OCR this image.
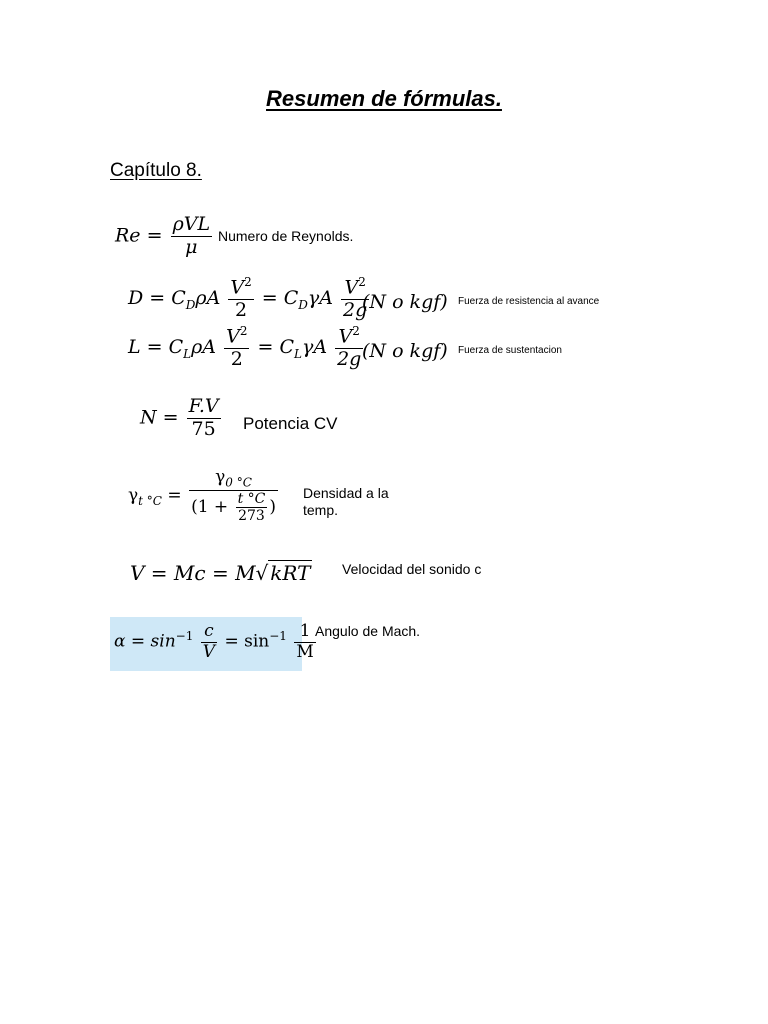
Resumen de fórmulas.
Capítulo 8.
$Re = \frac{\text{ρVL}}{\mu}$ Numero de Reynolds.
$D = C_D\rho A \frac{V^2}{2} = C_D\gamma A \frac{V^2}{2g}$
(N o kgf) Fuerza de resistencia al avance
$L = C_L\rho A \frac{V^2}{2} = C_L\gamma A \frac{V^2}{2g}$
(N o kgf) Fuerza de sustentacion
$N = \frac{F.V}{75}$ Potencia CV
$\gamma_{t ^\circ C} = \frac{\gamma_{0 ^\circ C}}{(1 + \frac{t ^\circ C}{273} )}$ Densidad a la
temp.
V = Mc = M√ kRT Velocidad del sonido c
$\alpha = \sin^{-1} \frac{c}{V} = \sin^{-1} \frac{1}{M}$ Angulo de Mach.
